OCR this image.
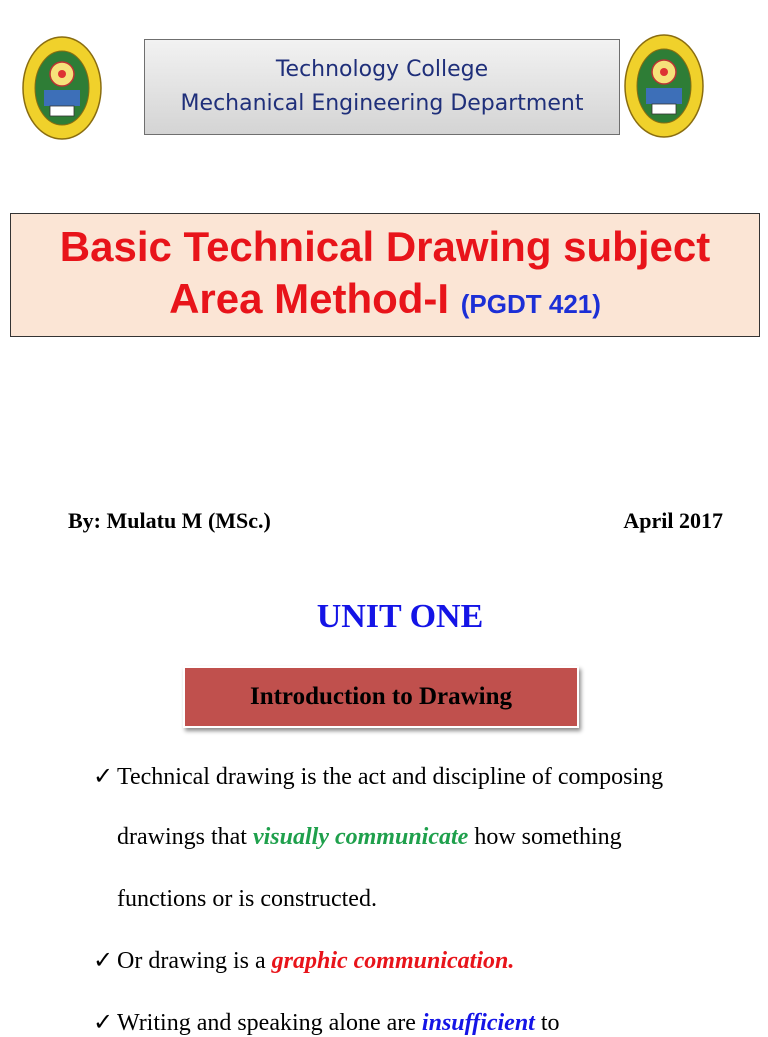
Technology College
Mechanical Engineering Department
Basic Technical Drawing subject
Area Method-I (PGDT 421)
By: Mulatu M (MSc.)	April 2017
UNIT ONE
Introduction to Drawing
✓ Technical drawing is the act and discipline of composing
drawings that visually communicate how something
functions or is constructed.
✓ Or drawing is a graphic communication.
✓ Writing and speaking alone are insufficient to
